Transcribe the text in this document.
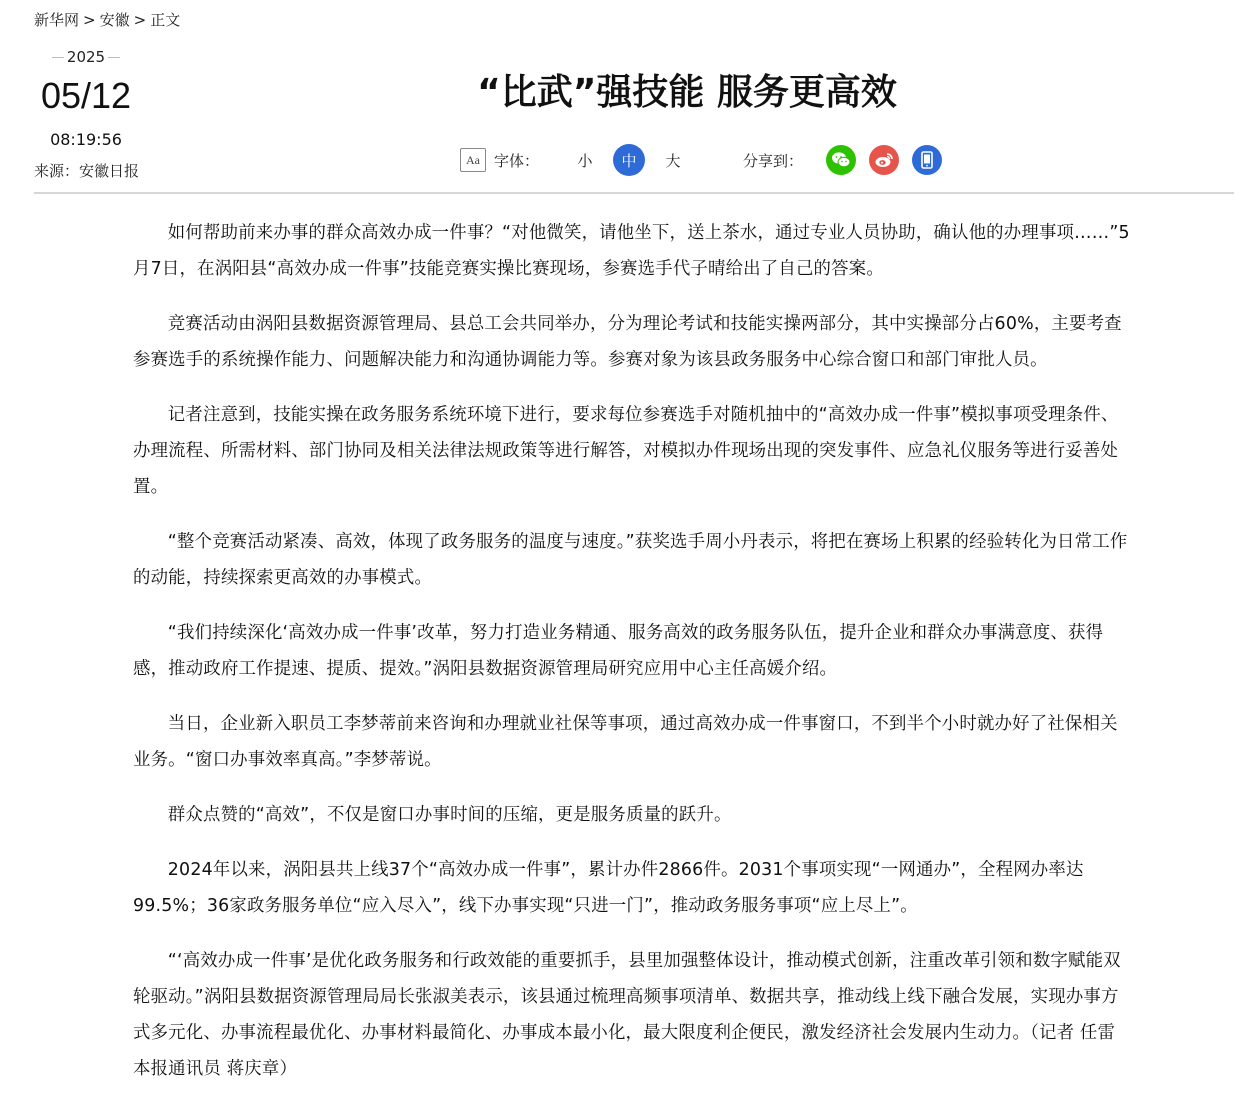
新华网 > 安徽 > 正文
2025
05/12
08:19:56
来源：安徽日报
“比武”强技能 服务更高效
Aa 字体：	小	中	大	分享到：

如何帮助前来办事的群众高效办成一件事？“对他微笑，请他坐下，送上茶水，通过专业人员协助，确认他的办理事项……”5月7日，在涡阳县“高效办成一件事”技能竞赛实操比赛现场，参赛选手代子晴给出了自己的答案。

竞赛活动由涡阳县数据资源管理局、县总工会共同举办，分为理论考试和技能实操两部分，其中实操部分占60%，主要考查参赛选手的系统操作能力、问题解决能力和沟通协调能力等。参赛对象为该县政务服务中心综合窗口和部门审批人员。

记者注意到，技能实操在政务服务系统环境下进行，要求每位参赛选手对随机抽中的“高效办成一件事”模拟事项受理条件、办理流程、所需材料、部门协同及相关法律法规政策等进行解答，对模拟办件现场出现的突发事件、应急礼仪服务等进行妥善处置。

“整个竞赛活动紧凑、高效，体现了政务服务的温度与速度。”获奖选手周小丹表示，将把在赛场上积累的经验转化为日常工作的动能，持续探索更高效的办事模式。

“我们持续深化‘高效办成一件事’改革，努力打造业务精通、服务高效的政务服务队伍，提升企业和群众办事满意度、获得感，推动政府工作提速、提质、提效。”涡阳县数据资源管理局研究应用中心主任高媛介绍。

当日，企业新入职员工李梦蒂前来咨询和办理就业社保等事项，通过高效办成一件事窗口，不到半个小时就办好了社保相关业务。“窗口办事效率真高。”李梦蒂说。

群众点赞的“高效”，不仅是窗口办事时间的压缩，更是服务质量的跃升。

2024年以来，涡阳县共上线37个“高效办成一件事”，累计办件2866件。2031个事项实现“一网通办”，全程网办率达99.5%；36家政务服务单位“应入尽入”，线下办事实现“只进一门”，推动政务服务事项“应上尽上”。

“‘高效办成一件事’是优化政务服务和行政效能的重要抓手，县里加强整体设计，推动模式创新，注重改革引领和数字赋能双轮驱动。”涡阳县数据资源管理局局长张淑美表示，该县通过梳理高频事项清单、数据共享，推动线上线下融合发展，实现办事方式多元化、办事流程最优化、办事材料最简化、办事成本最小化，最大限度利企便民，激发经济社会发展内生动力。（记者 任雷 本报通讯员 蒋庆章）
